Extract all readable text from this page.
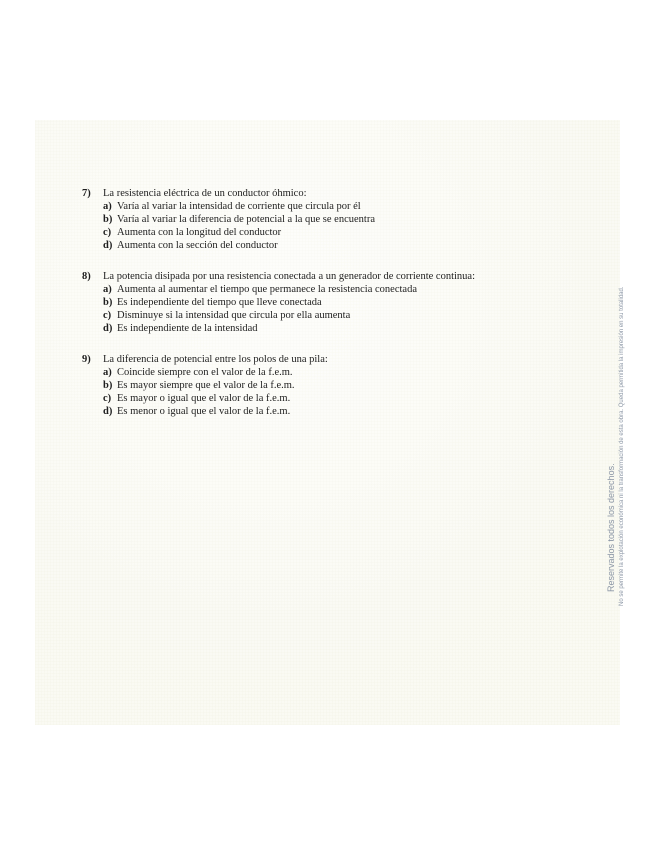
7) La resistencia eléctrica de un conductor óhmico:
a) Varía al variar la intensidad de corriente que circula por él
b) Varía al variar la diferencia de potencial a la que se encuentra
c) Aumenta con la longitud del conductor
d) Aumenta con la sección del conductor
8) La potencia disipada por una resistencia conectada a un generador de corriente continua:
a) Aumenta al aumentar el tiempo que permanece la resistencia conectada
b) Es independiente del tiempo que lleve conectada
c) Disminuye si la intensidad que circula por ella aumenta
d) Es independiente de la intensidad
9) La diferencia de potencial entre los polos de una pila:
a) Coincide siempre con el valor de la f.e.m.
b) Es mayor siempre que el valor de la f.e.m.
c) Es mayor o igual que el valor de la f.e.m.
d) Es menor o igual que el valor de la f.e.m.
Reservados todos los derechos. No se permite la explotación económica ni la transformación de esta obra. Queda permitida la impresión en su totalidad.
